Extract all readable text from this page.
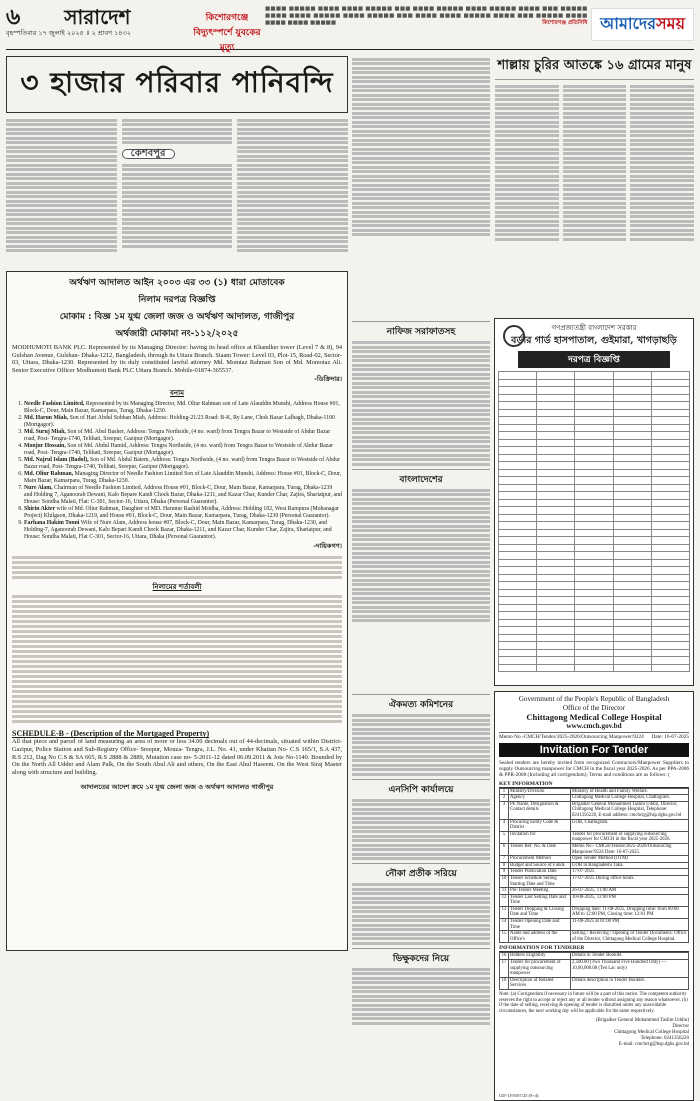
৬	সারাদেশ
বৃহস্পতিবার ১৭ জুলাই ২০২৫ ॥ ২ শ্রাবণ ১৪৩২
কিশোরগঞ্জে বিদ্যুৎস্পর্শে যুবকের মৃত্যু
■■■■ ■■■■■ ■■■■ ■■■■ ■■■■■ ■■■ ■■■■ ■■■■■ ■■■■ ■■■■■ ■■■■ ■■■ ■■■■■ ■■■■ ■■■■ ■■■■■ ■■■■ ■■■■■ ■■■ ■■■■ ■■■■ ■■■■■ ■■■■ ■■■ ■■■■■ ■■■■ ■■■■ ■■■■ ■■■■■	কিশোরগঞ্জ প্রতিনিধি আমাদেরসময়
৩ হাজার পরিবার পানিবন্দি
কেশবপুর
অর্থঋণ আদালত আইন ২০০৩ এর ৩৩ (১) ধারা মোতাবেক
নিলাম দরপত্র বিজ্ঞপ্তি
মোকাম : বিজ্ঞ ১ম যুগ্ম জেলা জজ ও অর্থঋণ আদালত, গাজীপুর
অর্থজারী মোকামা নং-১১২/২০২৫
MODHUMOTI BANK PLC. Represented by its Managing Director: having its head office at Khandker tower (Level 7 & 8), 94 Gulshan Avenue, Gulshan- Dhaka-1212, Bangladesh, through its Uttara Branch. Siaam Tower: Level 03, Plot-15, Road-02, Sector-03, Uttara, Dhaka-1230. Represented by its duly constituted lawful attorney Md. Momtaz Rahman Son of Md. Momotaz Ali. Senior Executive Officer Modhumoti Bank PLC Uttara Branch. Mobile-01874-365537.
-ডিক্রিদার।
বনাম
1. Needle Fashion Limited, Represented by its Managing Director, Md. Oliur Rahman son of Late Alauddin Munshi, Address House #01, Block-C, Dour, Main Bazar, Kamarpara, Turag, Dhaka-1230.
2. Md. Harun Miah, Son of Hari Abdul Sobhan Miah, Address: Holding-21/23 Road: B-K, Ry Lane, Chok Bazar Lalbagh, Dhaka-1100 (Mortgagor).
3. Md. Suruj Miah, Son of Md. Abul Basher, Address: Tengra Northside, (4 no. ward) from Tengra Bazar to Westside of Abdur Bazar road, Post- Tengra-1740, Telihati, Sreepur, Gazipur (Mortgagor).
4. Monjur Hossain, Son of Md. Abdul Hamid, Address: Tengra Northside, (4 no. ward) from Tengra Bazar to Westside of Abdur Bazar road, Post- Tengra-1740, Telihati, Sreepur, Gazipur (Mortgagor).
5. Md. Najrul Islam (Badol), Son of Md. Abdul Batem, Address: Tengra Northside, (4 no. ward) from Tengra Bazar to Westside of Abdur Bazar road, Post- Tengra-1740, Telihati, Sreepur, Gazipur (Mortgagor).
6. Md. Oliur Rahman, Managing Director of Needle Fashion Limited Son of Late Alauddin Munshi, Address: House #01, Block-C, Dour, Main Bazar, Kamarpara, Turag, Dhaka-1230.
7. Nure Alam, Chairman of Needle Fashion Limited, Address House #01, Block-C, Dour, Main Bazar, Kamarpara, Turag, Dhaka-1239 and Holding 7, Aganoorab Dewani, Kalo Bepare Kandi Chock Bazar, Dhaka-1211, and Kazar Char, Kunder Char, Zajira, Shariatpur, and House: Sondha Malati, Flat: C-301, Sector-16, Uttara, Dhaka (Personal Guarantor).
8. Shirin Akter wife of Md. Oliur Rahman, Daughter of MD. Harunur Rashid Mridha, Address: Holding 102, West Rampura (Mohanagar Project) Khilgaon, Dhaka-1219, and House #01, Block-C, Dour, Main Bazar, Kamarpara, Turag, Dhaka-1230 (Personal Guarantor).
9. Farhana Hakim Tonni Wife of Nure Alam, Address house #07, Block-C, Dour, Main Bazar, Kamarpara, Turag, Dhaka-1230, and Holding-7, Aganoorab Dewani, Kalo Bepari Kandi Chock Bazar, Dhaka-1211, and Kazar Char, Kunder Char, Zajira, Shariatpur, and House: Sondha Malati, Flat C-301, Sector-16, Uttara, Dhaka (Personal Guarantor).
-দায়িকগণ।
নিলামের শর্তাবলী
SCHEDULE-B - (Description of the Mortgaged Property)
All that piece and parcel of land measuring an area of more or less 34.00 decimals out of 44-decimals, situated within District-Gazipur, Police Station and Sub-Registry Office- Sreepur, Mouza- Tengra, J.L. No. 41, under Khatian No- C.S 165/1, S.A 437, R.S 212, Dag No C.S & SA 665, R.S 2888 & 2889, Mutation case no- 5-2011-12 dated 06.09.2011 & Jote No-1140. Bounded by On the North All Udder and Alam Palk, On the South Abul Ali and others, On the East Abul Haseem. On the West Siraj Master along with structure and building.
আদালতের আদেশ ক্রমে ১ম যুগ্ম জেলা জজ ও অর্থঋণ আদালত গাজীপুর
শাল্লায় চুরির আতঙ্কে ১৬ গ্রামের মানুষ
নাফিজ সরাফাতসহ
বাংলাদেশের
গণপ্রজাতন্ত্রী বাংলাদেশ সরকার
বর্ডার গার্ড হাসপাতাল, গুইমারা, খাগড়াছড়ি
দরপত্র বিজ্ঞপ্তি

ঐকমত্য কমিশনের
এনসিপি কার্যালয়ে
নৌকা প্রতীক সরিয়ে
ভিক্ষুকদের নিয়ে
Government of the People's Republic of Bangladesh
Office of the Director
Chittagong Medical College Hospital
www.cmch.gov.bd
Memo No.-CMCH/Tender/2025-2026/Outsourcing Manpower/9224 Date: 16-07-2025
Invitation For Tender
Sealed tenders are hereby invited from recognized Contractors/Manpower Suppliers to supply Outsourcing manpower for CMCH in the fiscal year 2025-2026. As per PPA-2006 & PPR-2008 (Including all corrigendum); Terms and conditions are as follows: (
KEY INFORMATION
1	Ministry/Division	Ministry of Health and Family Welfare.
2	Agency	Chittagong Medical College Hospital, Chattogram.
3	PE Name, Designation & Contact details	Brigadier General Mohammed Taslim Uddin, Director, Chittagong Medical College Hospital, Telephone: 0241356220, E-mail address: cmchctg@hsp.dghs.gov.bd
4	Procuring Entity Code & District	GOB, Chattogram.
5	Invitation for	Tender for procurement of supplying outsourcing manpower for CMCH in the fiscal year 2025-2026.
6	Tender Ref. No. & Date	Memo No.- CMCH/Tender/2025-2026/Outsourcing Manpower/9224 Date: 16-07-2025.
7	Procurement Method	Open Tender Method (OTM)
8	Budget and Source of Funds	GOB in Bangladeshi Taka.
9	Tender Publication Date	17-07-2025
10	Tender Schedule Selling Starting Date and Time	17-07-2025 During office hours.
11	Pre-Tender Meeting	26-07-2025, 11:00 AM
12	Tender Last Selling Date and Time	10-08-2025, 12:00 PM
13	Tender Dropping & Closing Date and Time	Dropping date: 11-08-2025, Dropping time: from 09:00 AM to 12:00 PM, Closing time: 12:01 PM
14	Tender Opening Date and Time	11-08-2025 at 01:00 PM
15	Name and address of the Office's	Selling / Receiving / Opening of Tender Documents: Office of the Director, Chittagong Medical College Hospital.
INFORMATION FOR TENDERER
16	Bidders Eligibility	Details in Tender Booklet.
17	Tender for procurement of supplying outsourcing manpower	2,500.00 (Two Thousand Five Hundred Only) — 10,00,000.00 (Ten Lac only)
18	Description of Related Services	Details description in Tender Booklet.
Note: (a) Corrigendum if necessary in future will be a part of this notice. The competent authority reserves the right to accept or reject any or all tender without assigning any reason whatsoever. (b) If the date of selling, receiving & opening of tender is disturbed under any unavoidable circumstances, the next working day will be applicable for the same respectively.
(Brigadier General Mohammed Taslim Uddin)
Director
Chittagong Medical College Hospital
Telephone: 0241356220
E-mail: cmchctg@hsp.dghs.gov.bd
GD-1193/07/25 (9×4)
